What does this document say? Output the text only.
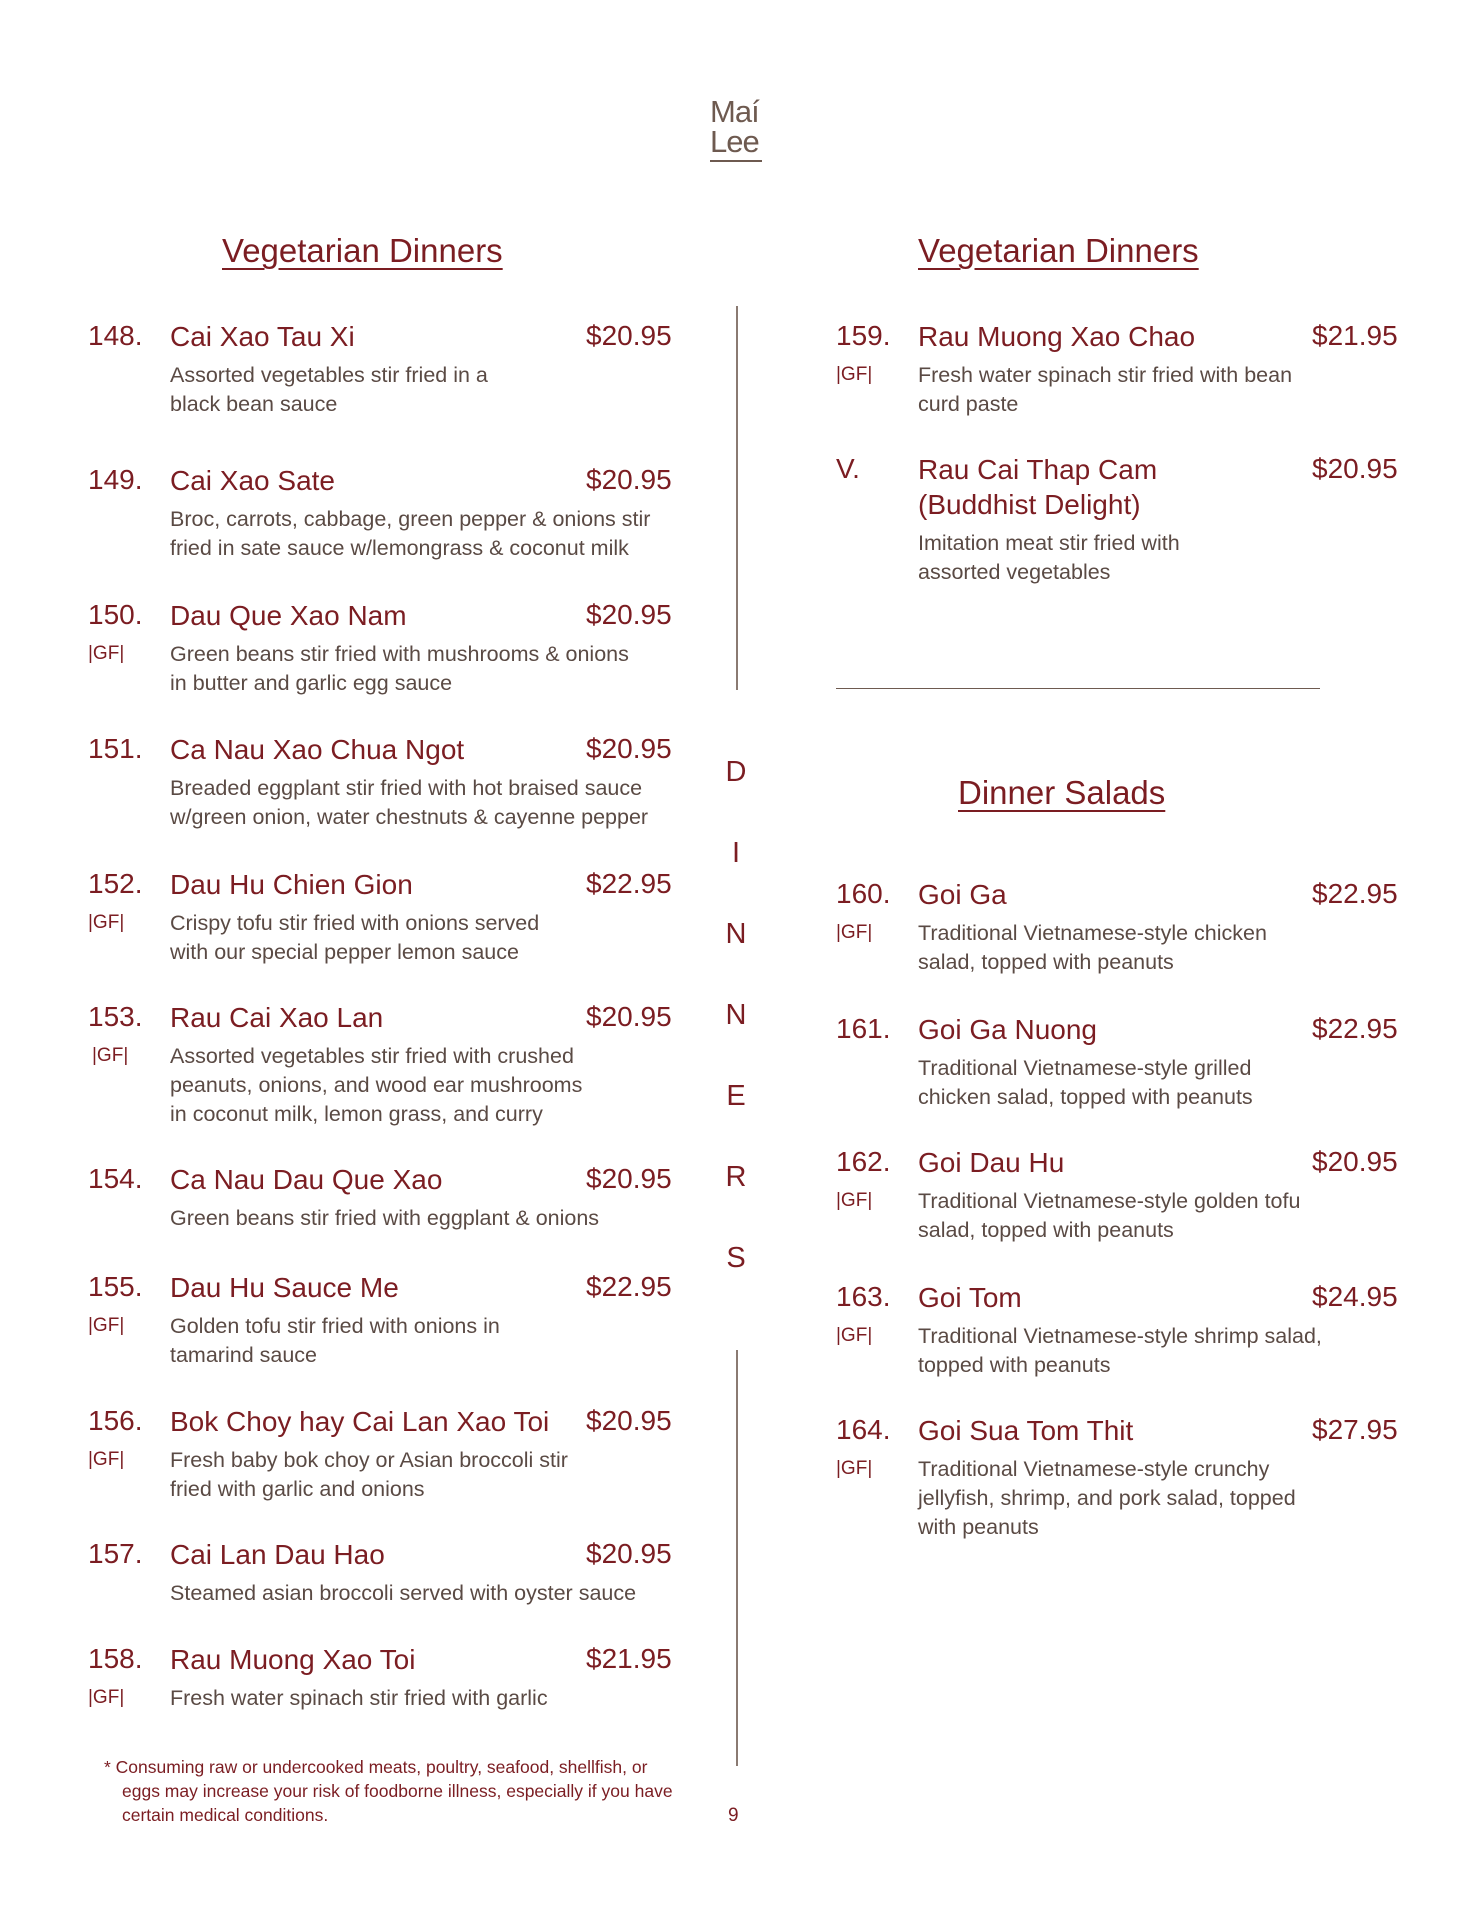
Maí
Lee
Vegetarian Dinners	Vegetarian Dinners
Dinner Salads
148. Cai Xao Tau Xi	$20.95
Assorted vegetables stir fried in a
black bean sauce
149. Cai Xao Sate	$20.95
Broc, carrots, cabbage, green pepper & onions stir
fried in sate sauce w/lemongrass & coconut milk
150. Dau Que Xao Nam	$20.95
|GF| Green beans stir fried with mushrooms & onions
in butter and garlic egg sauce
151. Ca Nau Xao Chua Ngot	$20.95
Breaded eggplant stir fried with hot braised sauce
w/green onion, water chestnuts & cayenne pepper
152. Dau Hu Chien Gion	$22.95
|GF| Crispy tofu stir fried with onions served
with our special pepper lemon sauce
153. Rau Cai Xao Lan	$20.95
|GF| Assorted vegetables stir fried with crushed
peanuts, onions, and wood ear mushrooms
in coconut milk, lemon grass, and curry
154. Ca Nau Dau Que Xao	$20.95
Green beans stir fried with eggplant & onions
155. Dau Hu Sauce Me	$22.95
|GF| Golden tofu stir fried with onions in
tamarind sauce
156. Bok Choy hay Cai Lan Xao Toi $20.95
|GF| Fresh baby bok choy or Asian broccoli stir
fried with garlic and onions
157. Cai Lan Dau Hao	$20.95
Steamed asian broccoli served with oyster sauce
158. Rau Muong Xao Toi	$21.95
|GF| Fresh water spinach stir fried with garlic
D
I
N
N
E
R
S
159. Rau Muong Xao Chao	$21.95
|GF| Fresh water spinach stir fried with bean
curd paste
V. Rau Cai Thap Cam
(Buddhist Delight)
$20.95
Imitation meat stir fried with
assorted vegetables
160. Goi Ga	$22.95
|GF| Traditional Vietnamese-style chicken
salad, topped with peanuts
161. Goi Ga Nuong	$22.95
Traditional Vietnamese-style grilled
chicken salad, topped with peanuts
162. Goi Dau Hu	$20.95
|GF| Traditional Vietnamese-style golden tofu
salad, topped with peanuts
163. Goi Tom	$24.95
|GF| Traditional Vietnamese-style shrimp salad,
topped with peanuts
164. Goi Sua Tom Thit	$27.95
|GF| Traditional Vietnamese-style crunchy
jellyfish, shrimp, and pork salad, topped
with peanuts
* Consuming raw or undercooked meats, poultry, seafood, shellfish, or
eggs may increase your risk of foodborne illness, especially if you have
certain medical conditions.	9
